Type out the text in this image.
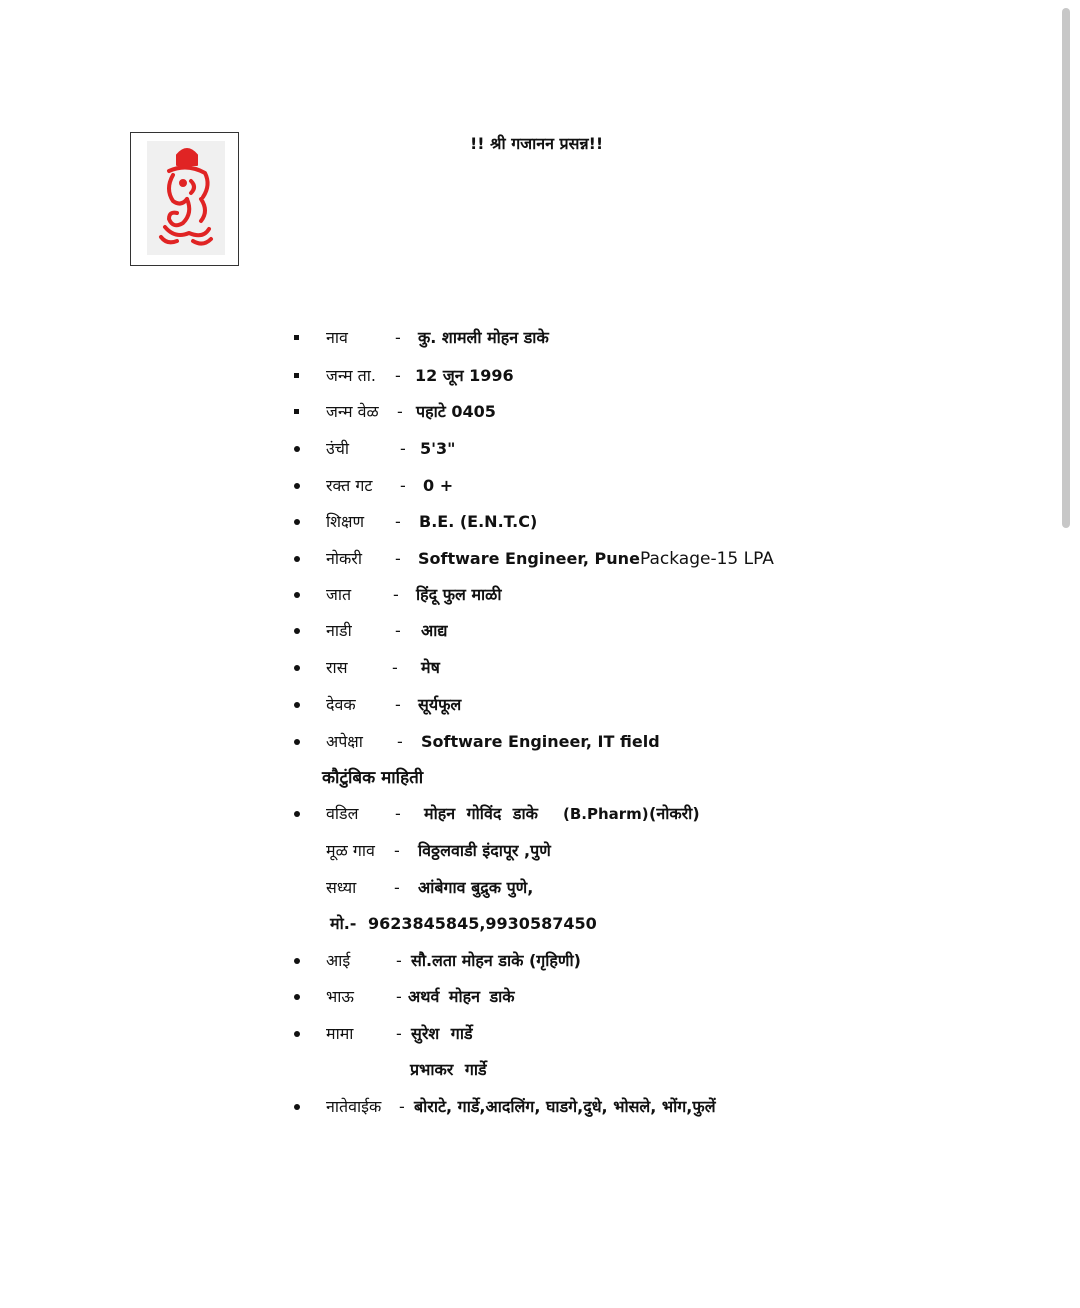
!! श्री गजानन प्रसन्न!!
नाव	- कु. शामली मोहन डाके
जन्म ता. - 12 जून 1996
जन्म वेळ - पहाटे 0405
उंची	- 5'3"
रक्त गट - 0 +
शिक्षण - B.E. (E.N.T.C)
नोकरी - Software Engineer, Pune Package-15 LPA
जात	- हिंदू फुल माळी
नाडी	- आद्य
रास	- मेष
देवक - सूर्यफूल
अपेक्षा - Software Engineer, IT field
कौटुंबिक माहिती
वडिल - मोहन गोविंद डाके (B.Pharm) (नोकरी)
मूळ गाव - विठ्ठलवाडी इंदापूर ,पुणे
सध्या - आंबेगाव बुद्रुक पुणे,
मो.- 9623845845,9930587450
आई	- सौ.लता मोहन डाके (गृहिणी)
भाऊ	- अथर्व मोहन डाके
मामा	- सुरेश गार्डे
प्रभाकर गार्डे
नातेवाईक - बोराटे, गार्डे,आदलिंग, घाडगे,दुधे, भोसले, भोंग,फुलें
